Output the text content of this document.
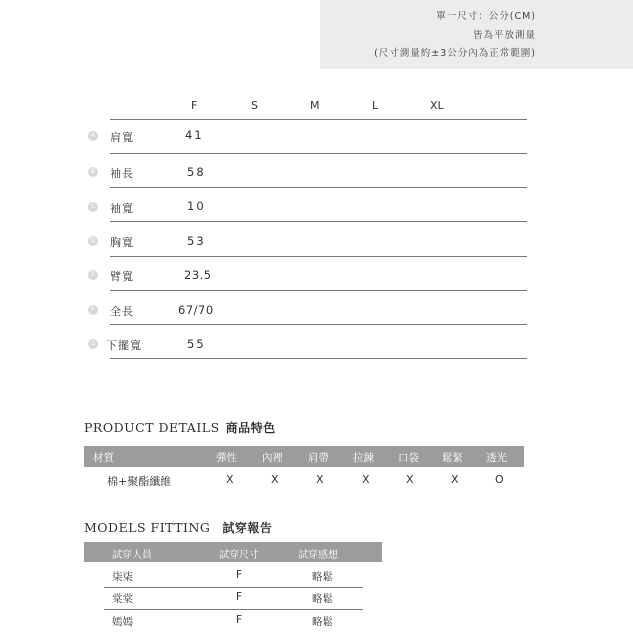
單一尺寸：公分(CM)
皆為平放測量
(尺寸測量約±3公分內為正常範圍)
F	S	M	L	XL
A 肩寬	41
B 袖長	58
C 袖寬	10
D 胸寬	53
E 臂寬	23.5
F 全長	67/70
G 下擺寬	55
PRODUCT DETAILS 商品特色
材質	彈性 內裡 肩帶 拉鍊 口袋 鬆緊 透光
棉+聚酯纖維	X	X	X	X	X	X	O
MODELS FITTING 試穿報告
試穿人員	試穿尺寸	試穿感想
柒柒	F	略鬆
棠棠	F	略鬆
嫣嫣	F	略鬆
